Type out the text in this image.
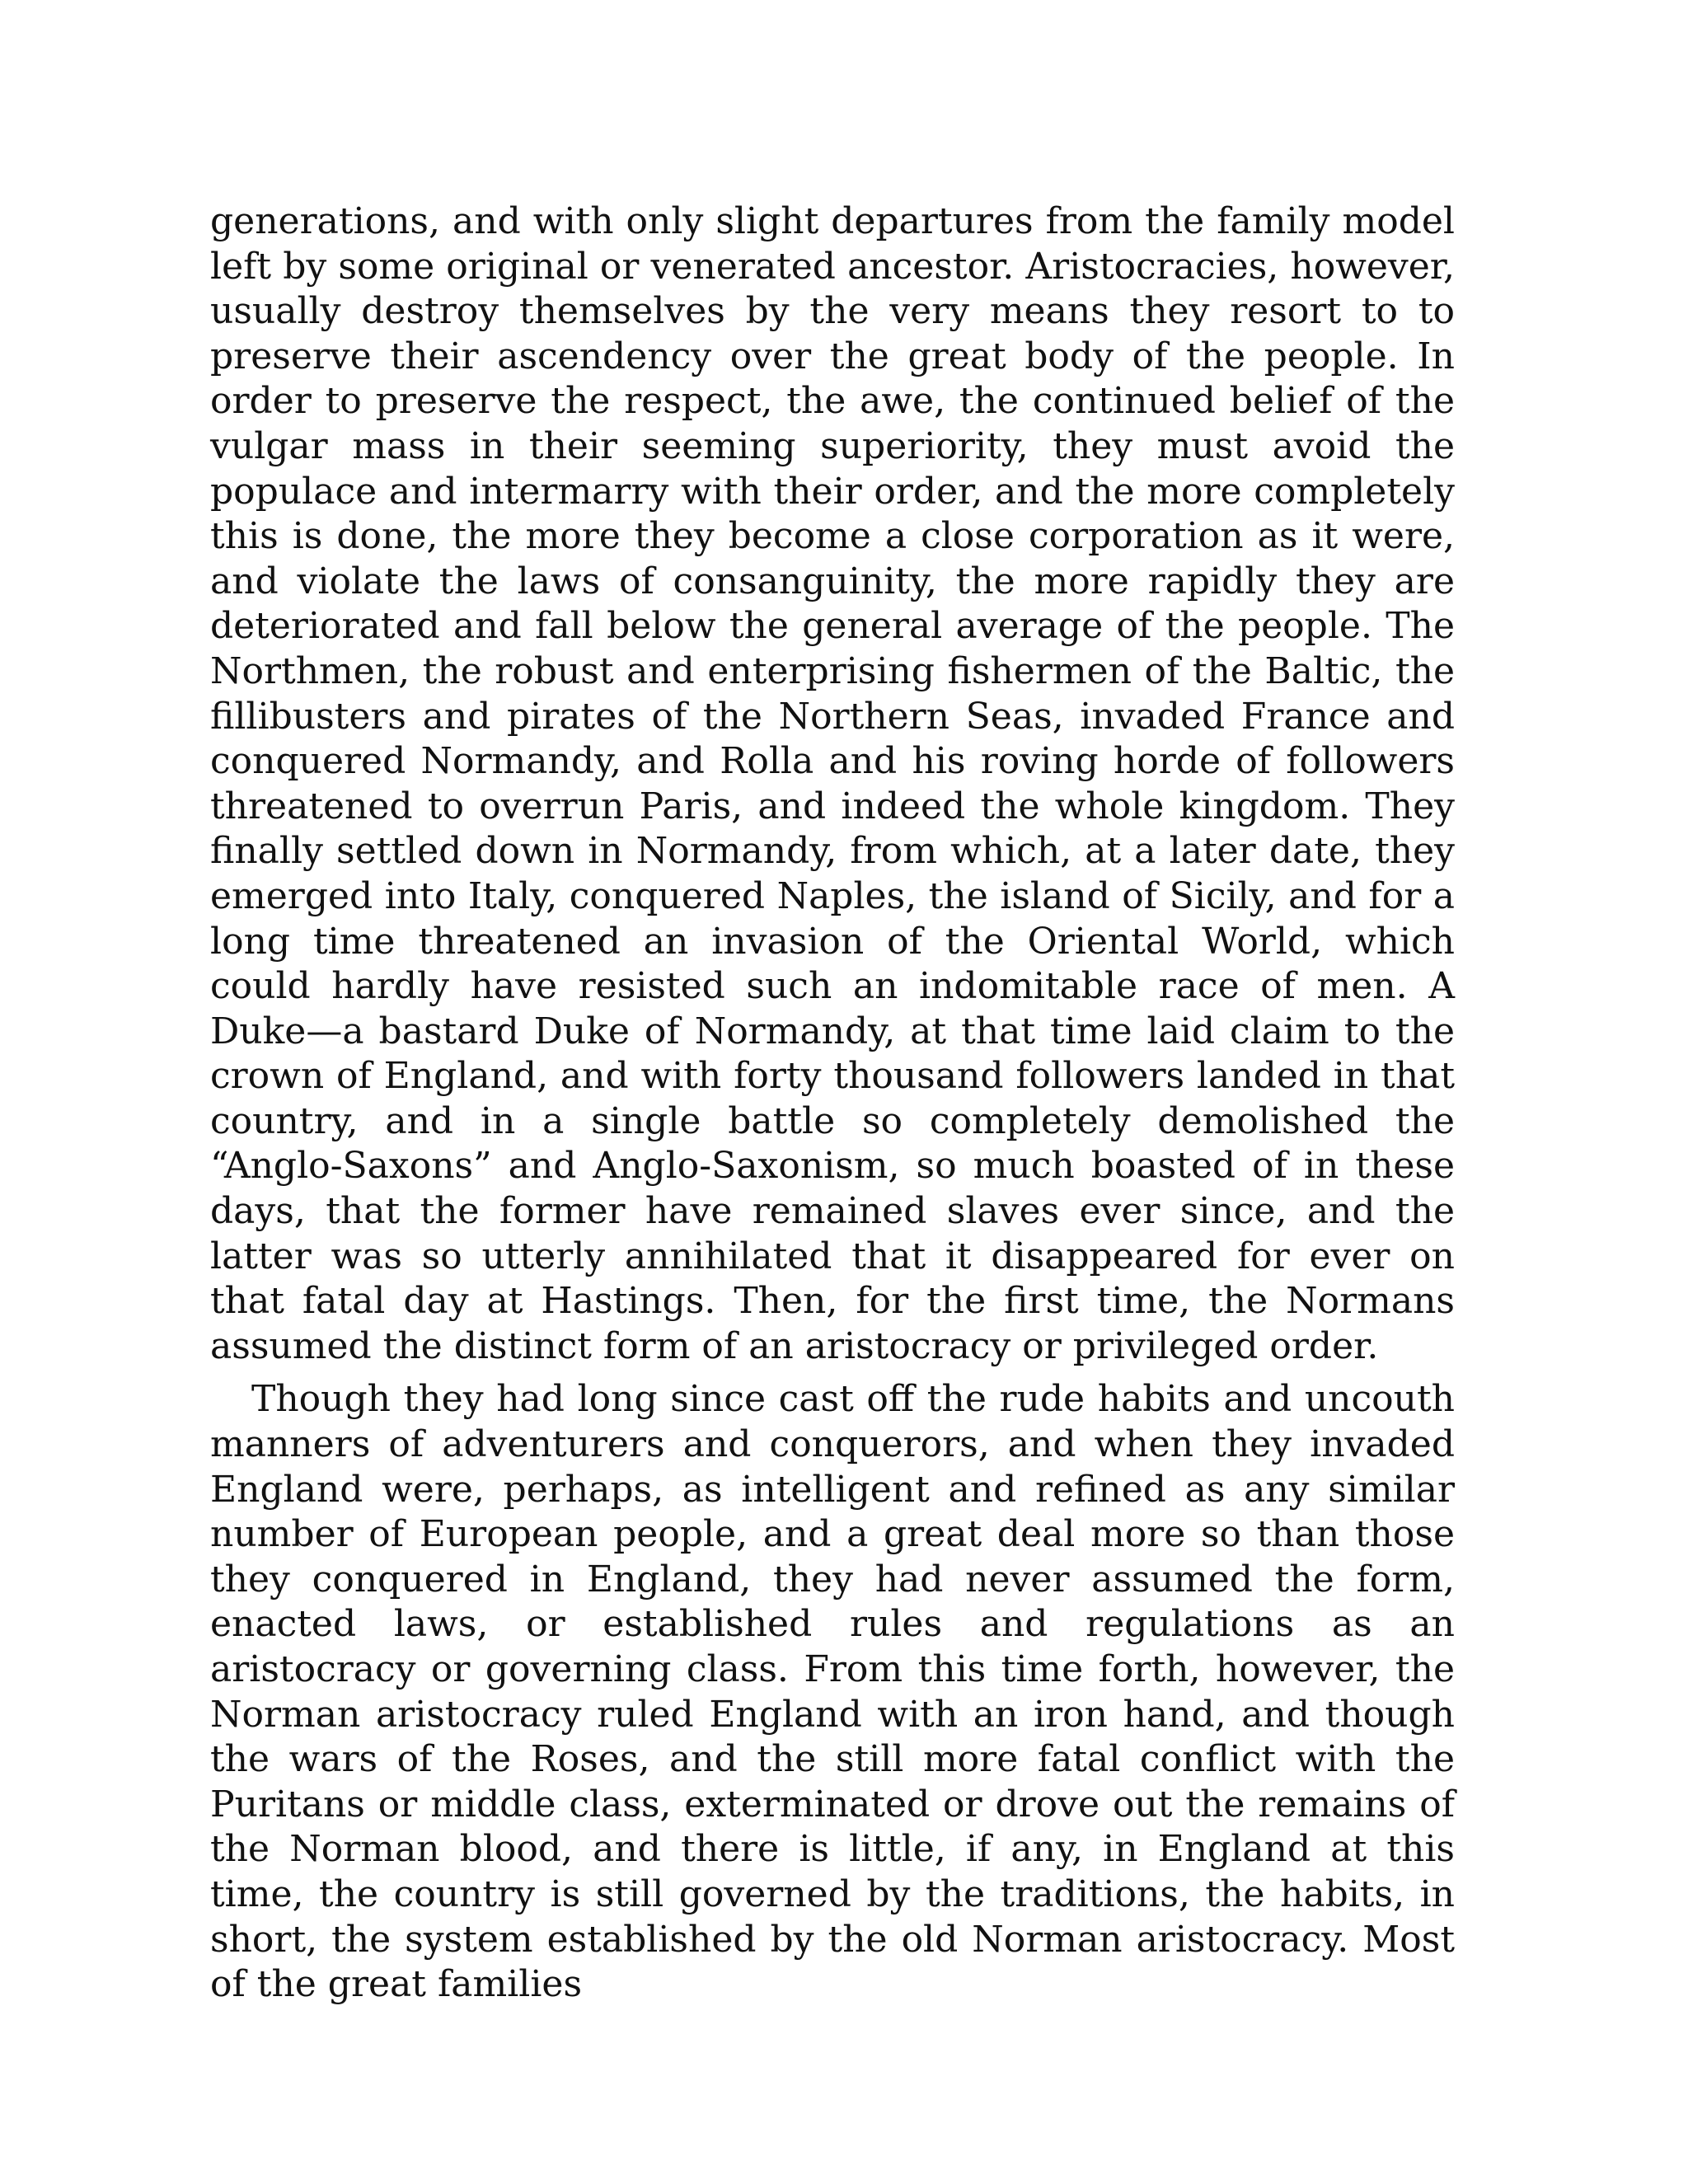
generations, and with only slight departures from the family model left by some original or venerated ancestor. Aristocracies, however, usually destroy themselves by the very means they resort to to preserve their ascendency over the great body of the people. In order to preserve the respect, the awe, the continued belief of the vulgar mass in their seeming superiority, they must avoid the populace and intermarry with their order, and the more completely this is done, the more they become a close corporation as it were, and violate the laws of consanguinity, the more rapidly they are deteriorated and fall below the general average of the people. The Northmen, the robust and enterprising fishermen of the Baltic, the fillibusters and pirates of the Northern Seas, invaded France and conquered Normandy, and Rolla and his roving horde of followers threatened to overrun Paris, and indeed the whole kingdom. They finally settled down in Normandy, from which, at a later date, they emerged into Italy, conquered Naples, the island of Sicily, and for a long time threatened an invasion of the Oriental World, which could hardly have resisted such an indomitable race of men. A Duke—a bastard Duke of Normandy, at that time laid claim to the crown of England, and with forty thousand followers landed in that country, and in a single battle so completely demolished the “Anglo-Saxons” and Anglo-Saxonism, so much boasted of in these days, that the former have remained slaves ever since, and the latter was so utterly annihilated that it disappeared for ever on that fatal day at Hastings. Then, for the first time, the Normans assumed the distinct form of an aristocracy or privileged order.

Though they had long since cast off the rude habits and uncouth manners of adventurers and conquerors, and when they invaded England were, perhaps, as intelligent and refined as any similar number of European people, and a great deal more so than those they conquered in England, they had never assumed the form, enacted laws, or established rules and regulations as an aristocracy or governing class. From this time forth, however, the Norman aristocracy ruled England with an iron hand, and though the wars of the Roses, and the still more fatal conflict with the Puritans or middle class, exterminated or drove out the remains of the Norman blood, and there is little, if any, in England at this time, the country is still governed by the traditions, the habits, in short, the system established by the old Norman aristocracy. Most of the great families
